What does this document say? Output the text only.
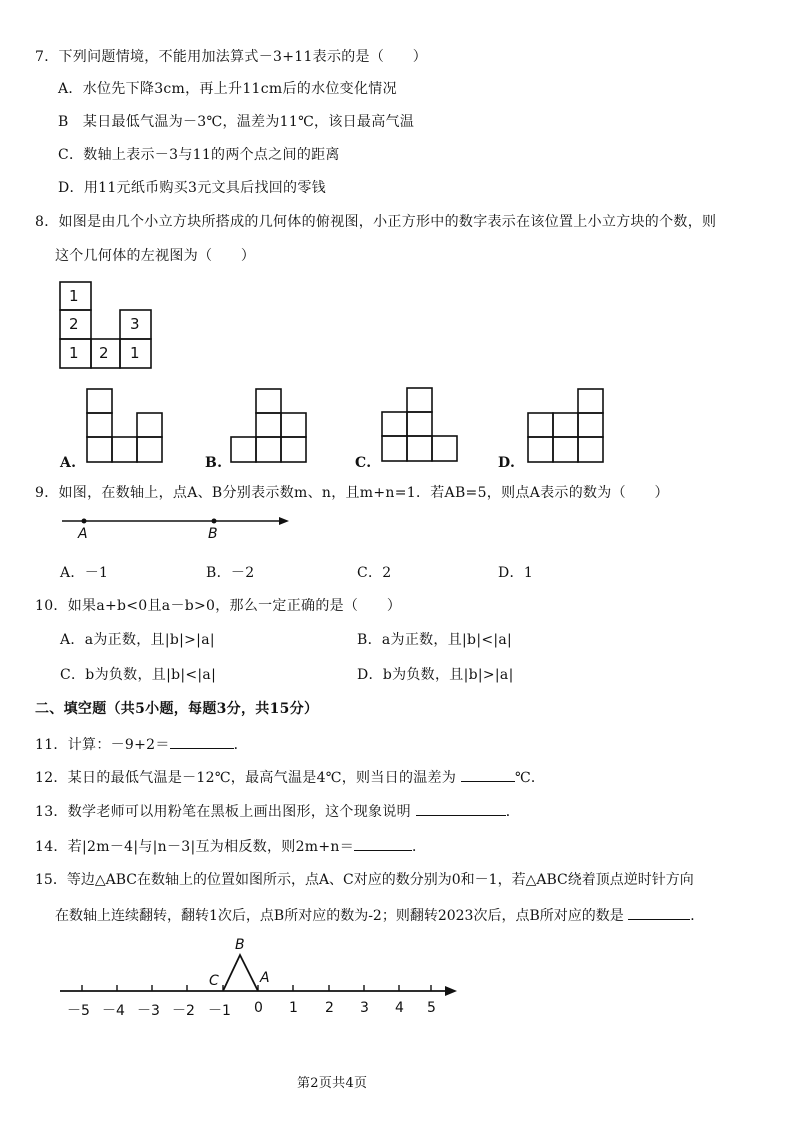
7．下列问题情境，不能用加法算式－3+11表示的是（　　）
A．水位先下降3cm，再上升11cm后的水位变化情况
B　某日最低气温为－3℃，温差为11℃，该日最高气温
C．数轴上表示－3与11的两个点之间的距离
D．用11元纸币购买3元文具后找回的零钱
8．如图是由几个小立方块所搭成的几何体的俯视图，小正方形中的数字表示在该位置上小立方块的个数，则
这个几何体的左视图为（　　）
1
2	3
1 2 1
A.	B.	C.	D.
9．如图，在数轴上，点A、B分别表示数m、n，且m+n=1．若AB=5，则点A表示的数为（　　）
A	B
A．－1	B．－2	C．2	D．1
10．如果a+b<0且a－b>0，那么一定正确的是（　　）
A．a为正数，且|b|>|a|	B．a为正数，且|b|<|a|
C．b为负数，且|b|<|a|	D．b为负数，且|b|>|a|
二、填空题（共5小题，每题3分，共15分）
11．计算：－9+2＝	．
12．某日的最低气温是－12℃，最高气温是4℃，则当日的温差为	℃．
13．数学老师可以用粉笔在黑板上画出图形，这个现象说明	．
14．若|2m－4|与|n－3|互为相反数，则2m+n＝	．
15．等边△ABC在数轴上的位置如图所示，点A、C对应的数分别为0和－1，若△ABC绕着顶点逆时针方向
在数轴上连续翻转，翻转1次后，点B所对应的数为-2；则翻转2023次后，点B所对应的数是	．
B
C	A
－5 －4 －3 －2 －1 0 1 2 3 4 5
第2页共4页
